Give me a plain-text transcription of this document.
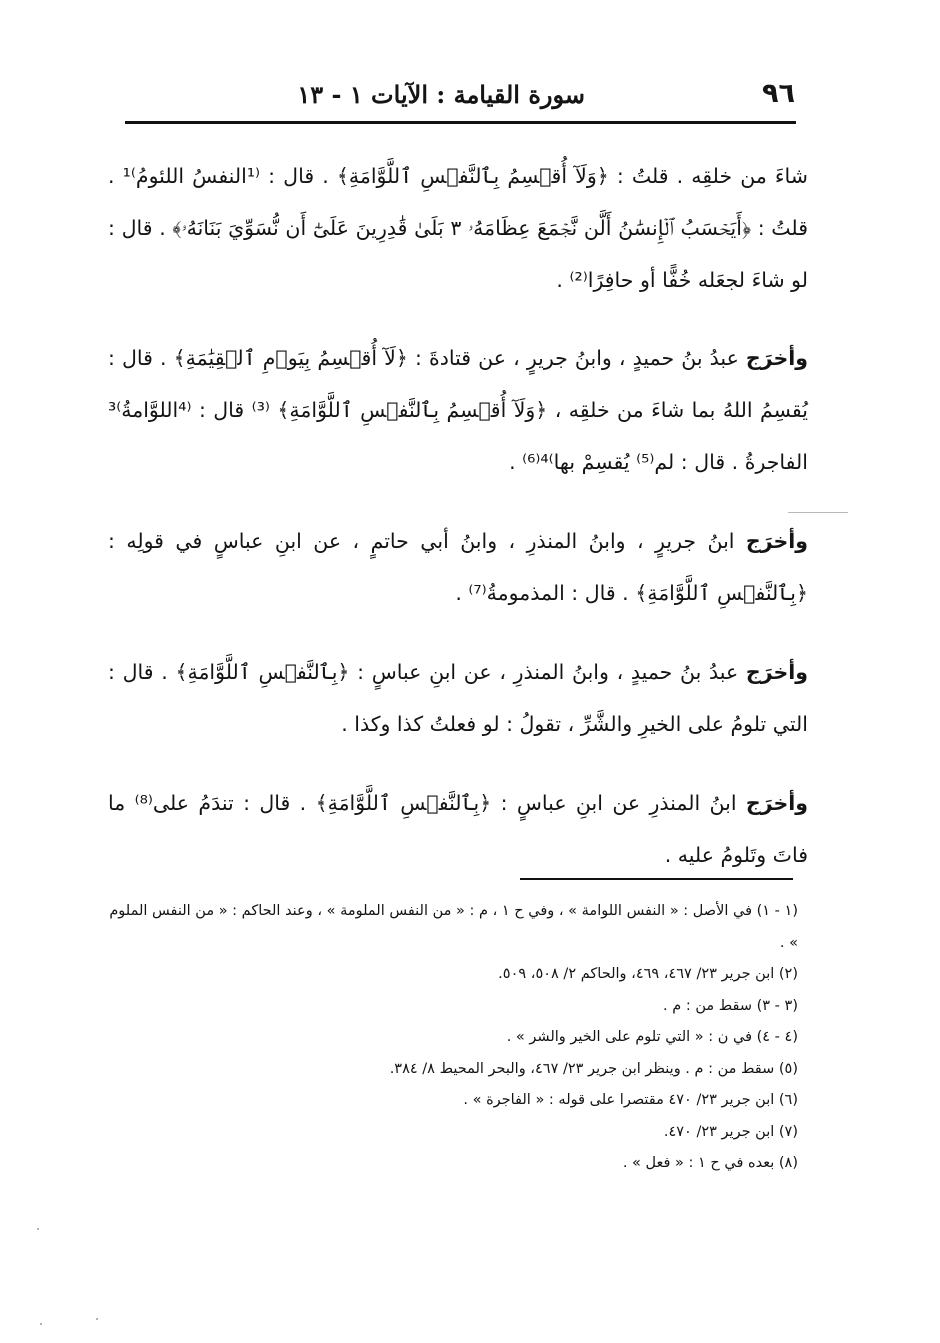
٩٦
سورة القيامة : الآيات ١ - ١٣

شاءَ من خلقِه . قلتُ : ﴿وَلَآ أُقۡسِمُ بِٱلنَّفۡسِ ٱللَّوَّامَةِ﴾ . قال : ⁽¹النفسُ اللئومُ⁾¹ . قلتُ : ﴿أَيَحۡسَبُ ٱلۡإِنسَٰنُ أَلَّن نَّجۡمَعَ عِظَامَهُۥ ٣ بَلَىٰ قَٰدِرِينَ عَلَىٰٓ أَن نُّسَوِّيَ بَنَانَهُۥ﴾ . قال : لو شاءَ لجعَله خُفًّا أو حافِرًا⁽²⁾ .

وأخرَج عبدُ بنُ حميدٍ ، وابنُ جريرٍ ، عن قتادةَ : ﴿لَآ أُقۡسِمُ بِيَوۡمِ ٱلۡقِيَٰمَةِ﴾ . قال : يُقسِمُ اللهُ بما شاءَ من خلقِه ، ﴿وَلَآ أُقۡسِمُ بِٱلنَّفۡسِ ٱللَّوَّامَةِ﴾ ⁽³⁾ قال : ⁽⁴اللوَّامةُ⁾³ الفاجرةُ . قال : لم⁽⁵⁾ يُقسِمْ بها⁾⁴⁽⁶⁾ .

وأخرَج ابنُ جريرٍ ، وابنُ المنذرِ ، وابنُ أبي حاتمٍ ، عن ابنِ عباسٍ في قولِه : ﴿بِٱلنَّفۡسِ ٱللَّوَّامَةِ﴾ . قال : المذمومةُ⁽⁷⁾ .

وأخرَج عبدُ بنُ حميدٍ ، وابنُ المنذرِ ، عن ابنِ عباسٍ : ﴿بِٱلنَّفۡسِ ٱللَّوَّامَةِ﴾ . قال : التي تلومُ على الخيرِ والشَّرِّ ، تقولُ : لو فعلتُ كذا وكذا .

وأخرَج ابنُ المنذرِ عن ابنِ عباسٍ : ﴿بِٱلنَّفۡسِ ٱللَّوَّامَةِ﴾ . قال : تندَمُ على⁽⁸⁾ ما فاتَ وتَلومُ عليه .

(١ - ١) في الأصل : « النفس اللوامة » ، وفي ح ١ ، م : « من النفس الملومة » ، وعند الحاكم : « من النفس الملوم » .

(٢) ابن جرير ٢٣/ ٤٦٧، ٤٦٩، والحاكم ٢/ ٥٠٨، ٥٠٩.

(٣ - ٣) سقط من : م .

(٤ - ٤) في ن : « التي تلوم على الخير والشر » .

(٥) سقط من : م . وينظر ابن جرير ٢٣/ ٤٦٧، والبحر المحيط ٨/ ٣٨٤.

(٦) ابن جرير ٢٣/ ٤٧٠ مقتصرا على قوله : « الفاجرة » .

(٧) ابن جرير ٢٣/ ٤٧٠.

(٨) بعده في ح ١ : « فعل » .
